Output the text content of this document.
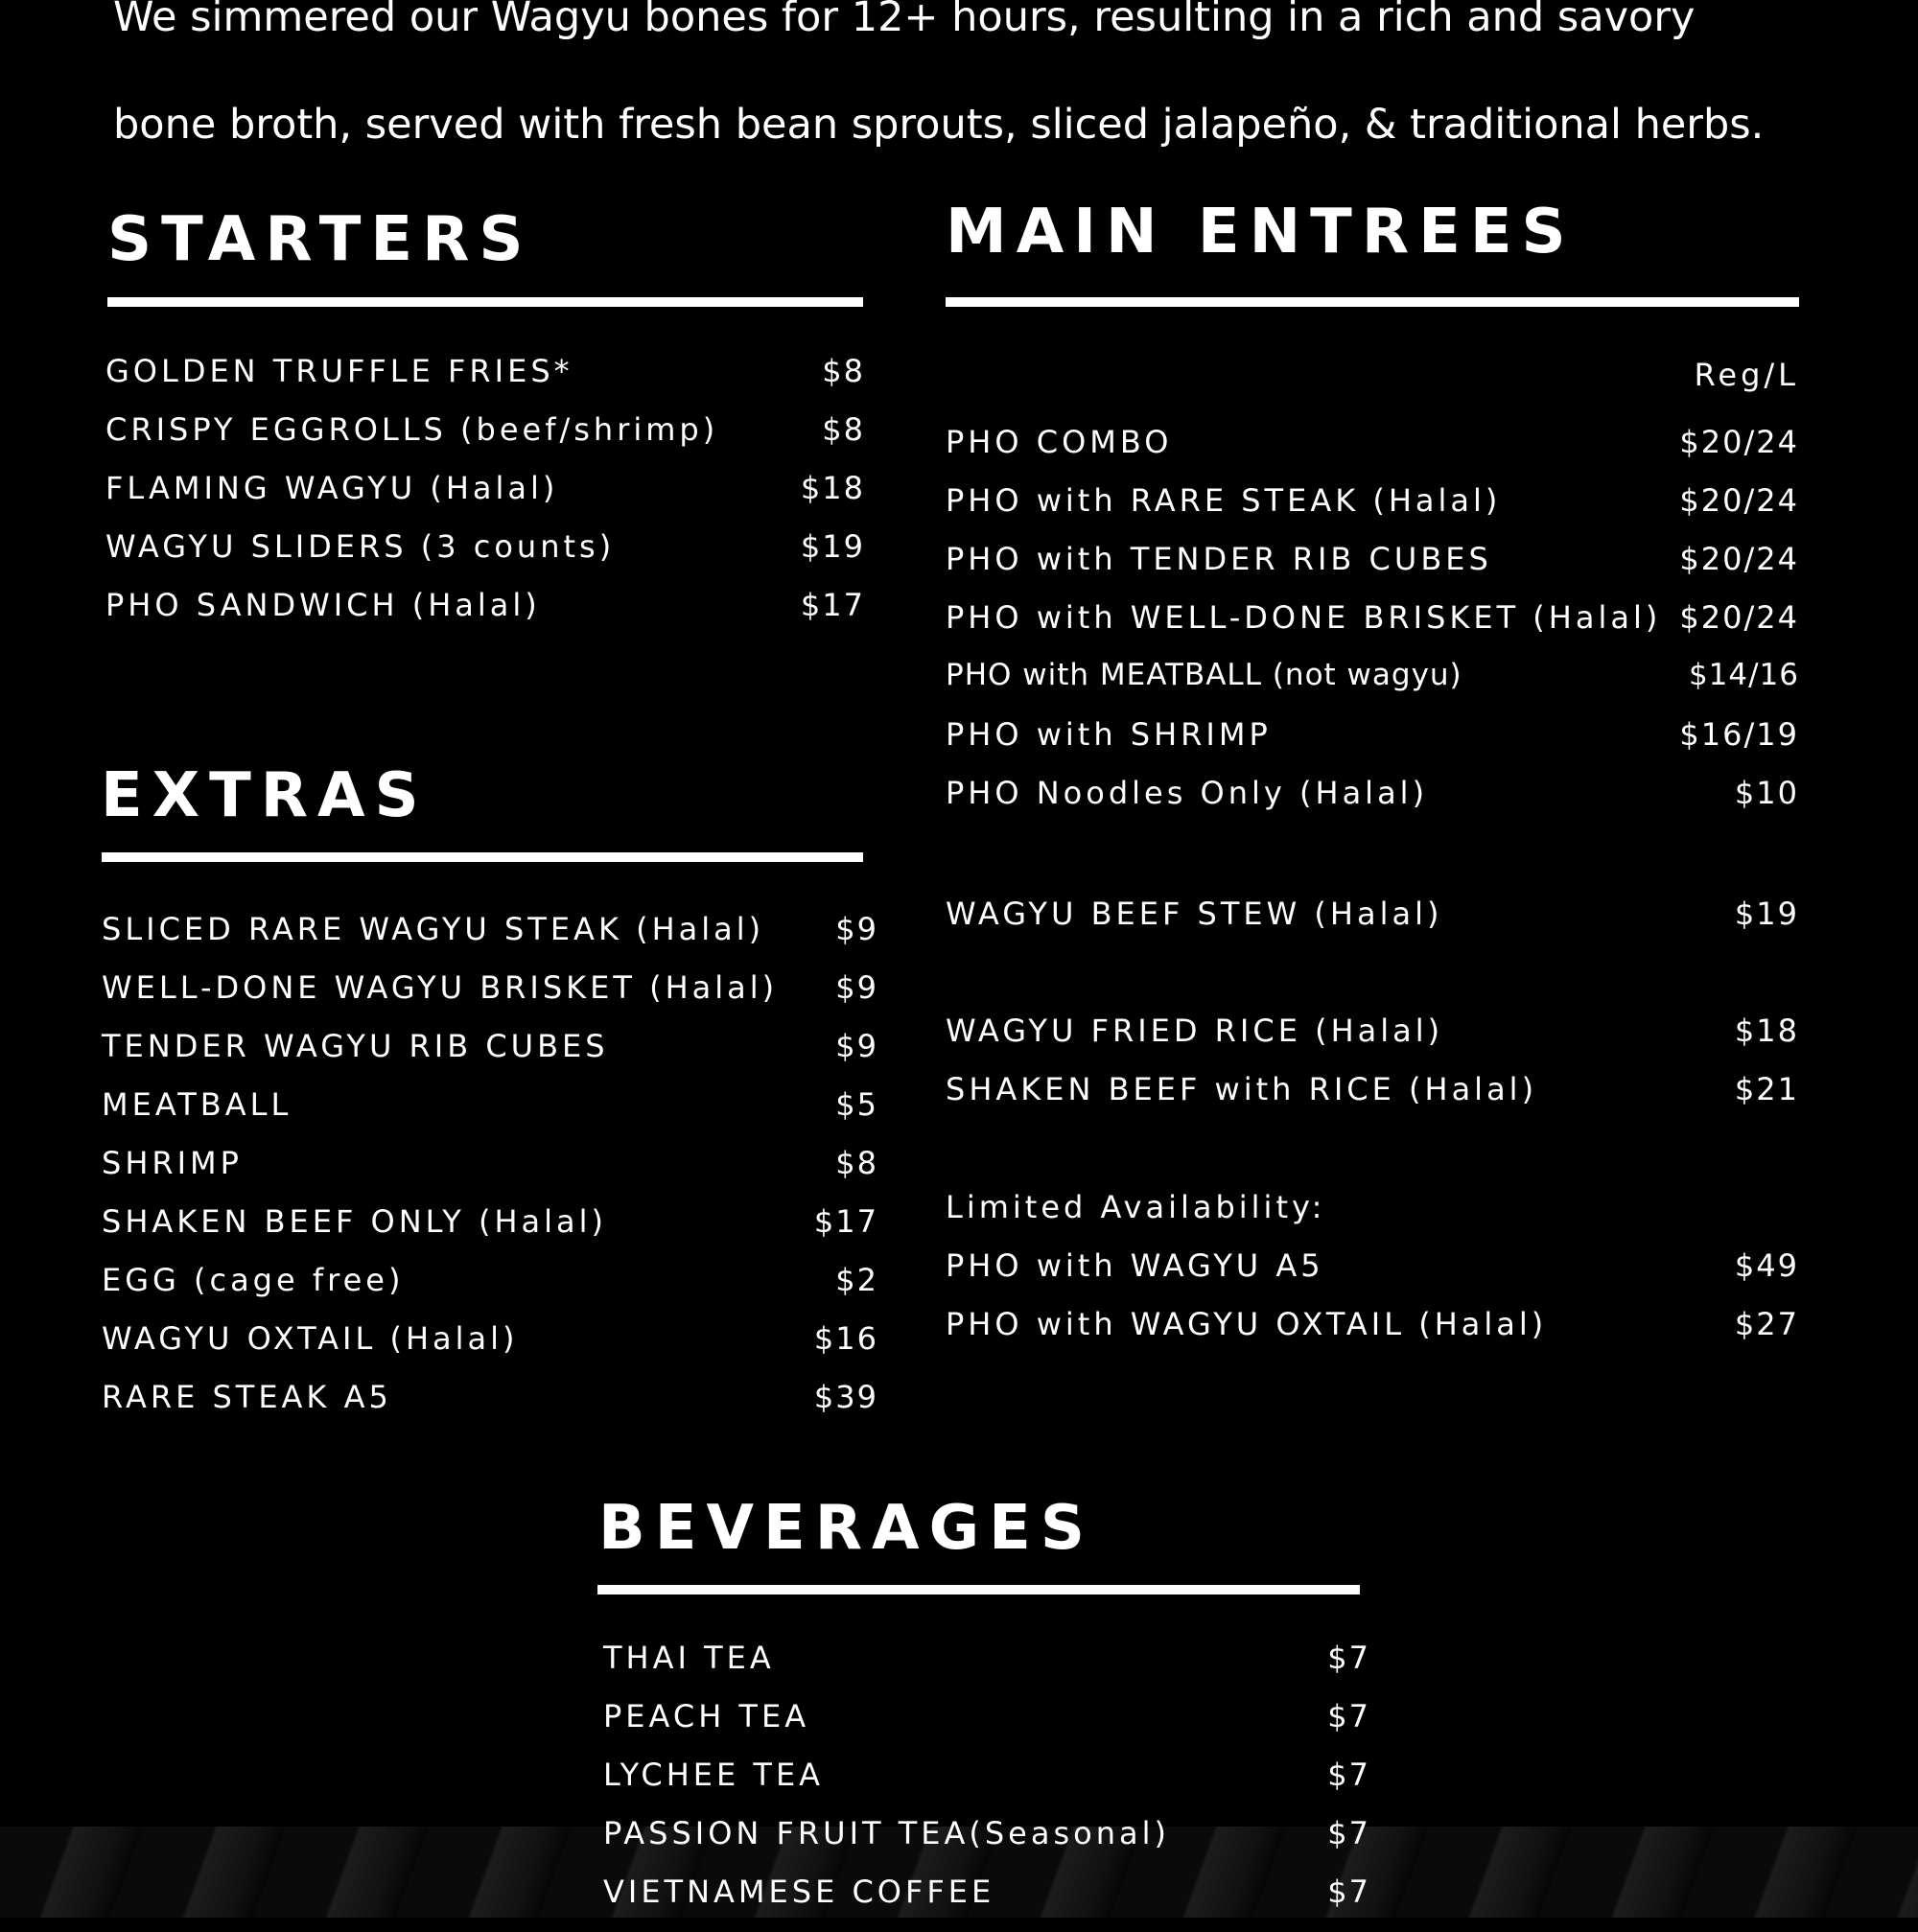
We simmered our Wagyu bones for 12+ hours, resulting in a rich and savory
bone broth, served with fresh bean sprouts, sliced jalapeño, & traditional herbs.
STARTERS
GOLDEN TRUFFLE FRIES*	$8
CRISPY EGGROLLS (beef/shrimp)	$8
FLAMING WAGYU (Halal)	$18
WAGYU SLIDERS (3 counts)	$19
PHO SANDWICH (Halal)	$17
EXTRAS
SLICED RARE WAGYU STEAK (Halal) $9
WELL-DONE WAGYU BRISKET (Halal) $9
TENDER WAGYU RIB CUBES	$9
MEATBALL	$5
SHRIMP	$8
SHAKEN BEEF ONLY (Halal)	$17
EGG (cage free)	$2
WAGYU OXTAIL (Halal)	$16
RARE STEAK A5	$39
MAIN ENTREES
Reg/L
PHO COMBO	$20/24
PHO with RARE STEAK (Halal)	$20/24
PHO with TENDER RIB CUBES	$20/24
PHO with WELL-DONE BRISKET (Halal) $20/24
PHO with MEATBALL (not wagyu)	$14/16
PHO with SHRIMP	$16/19
PHO Noodles Only (Halal)	$10
WAGYU BEEF STEW (Halal)	$19
WAGYU FRIED RICE (Halal)	$18
SHAKEN BEEF with RICE (Halal)	$21
Limited Availability:
PHO with WAGYU A5	$49
PHO with WAGYU OXTAIL (Halal)	$27
BEVERAGES
THAI TEA	$7
PEACH TEA	$7
LYCHEE TEA	$7
PASSION FRUIT TEA(Seasonal)	$7
VIETNAMESE COFFEE	$7
